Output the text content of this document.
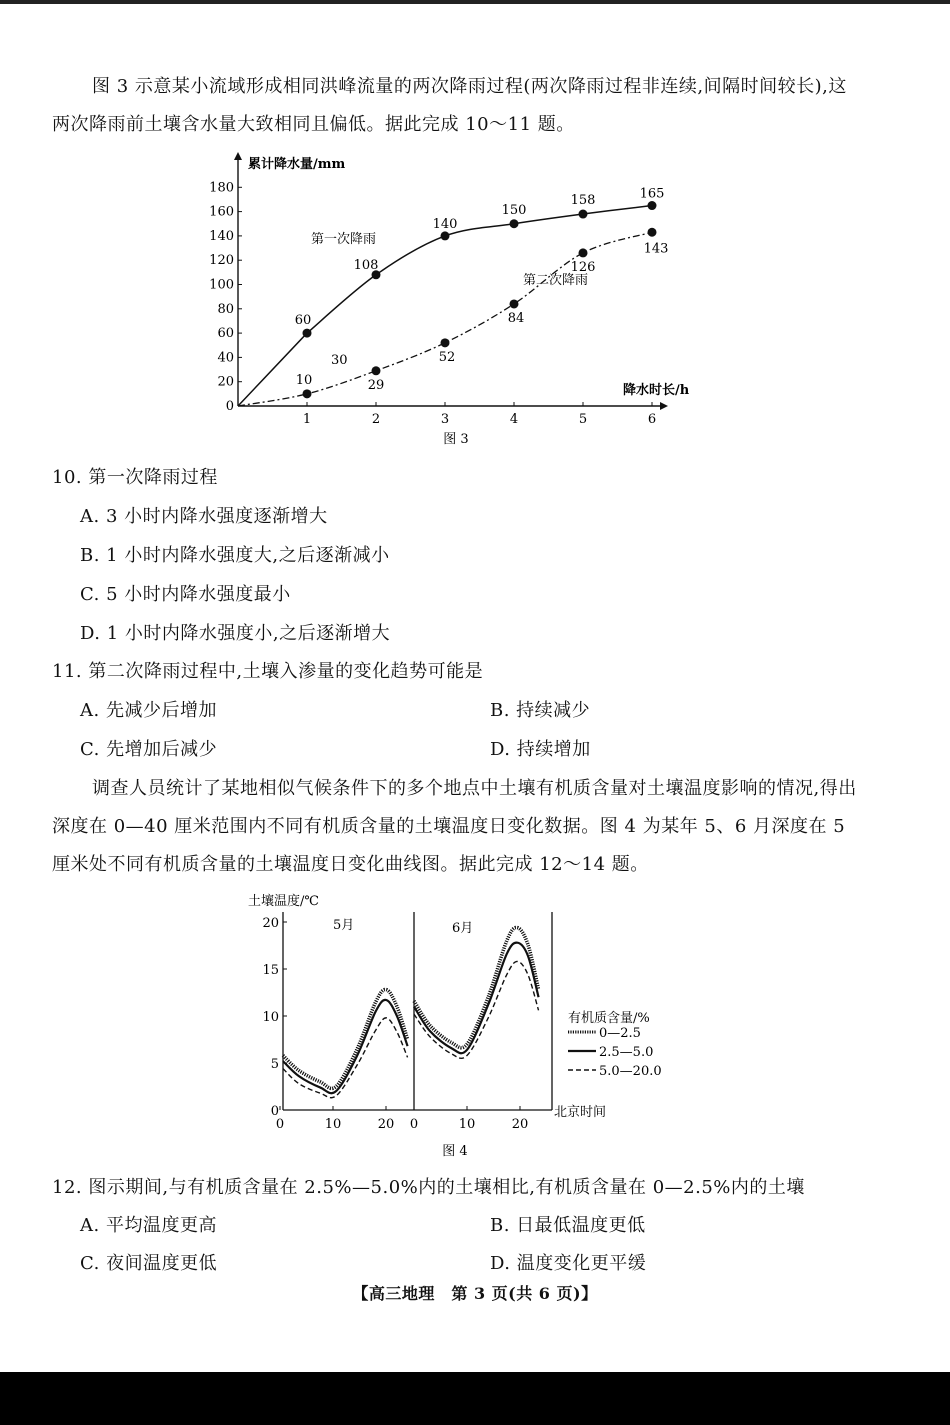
图 3 示意某小流域形成相同洪峰流量的两次降雨过程(两次降雨过程非连续,间隔时间较长),这两次降雨前土壤含水量大致相同且偏低。据此完成 10～11 题。
0
20
40
60
80
100
120
140
160
180
1	2	3	4	5	6
60
108
140
150
158	165
10	29
52
84
126
143
累计降水量/mm
降水时长/h
第一次降雨
第二次降雨
30
图 3
10. 第一次降雨过程
A. 3 小时内降水强度逐渐增大
B. 1 小时内降水强度大,之后逐渐减小
C. 5 小时内降水强度最小
D. 1 小时内降水强度小,之后逐渐增大
11. 第二次降雨过程中,土壤入渗量的变化趋势可能是
A. 先减少后增加	B. 持续减少
C. 先增加后减少	D. 持续增加
调查人员统计了某地相似气候条件下的多个地点中土壤有机质含量对土壤温度影响的情况,得出深度在 0—40 厘米范围内不同有机质含量的土壤温度日变化数据。图 4 为某年 5、6 月深度在 5 厘米处不同有机质含量的土壤温度日变化曲线图。据此完成 12～14 题。
0
5
10
15
20
0	10	20 0	10	20
土壤温度/℃
5月	6月
北京时间
有机质含量/%
0—2.5
2.5—5.0
5.0—20.0
图 4
12. 图示期间,与有机质含量在 2.5%—5.0%内的土壤相比,有机质含量在 0—2.5%内的土壤
A. 平均温度更高	B. 日最低温度更低
C. 夜间温度更低	D. 温度变化更平缓
【高三地理　第 3 页(共 6 页)】
